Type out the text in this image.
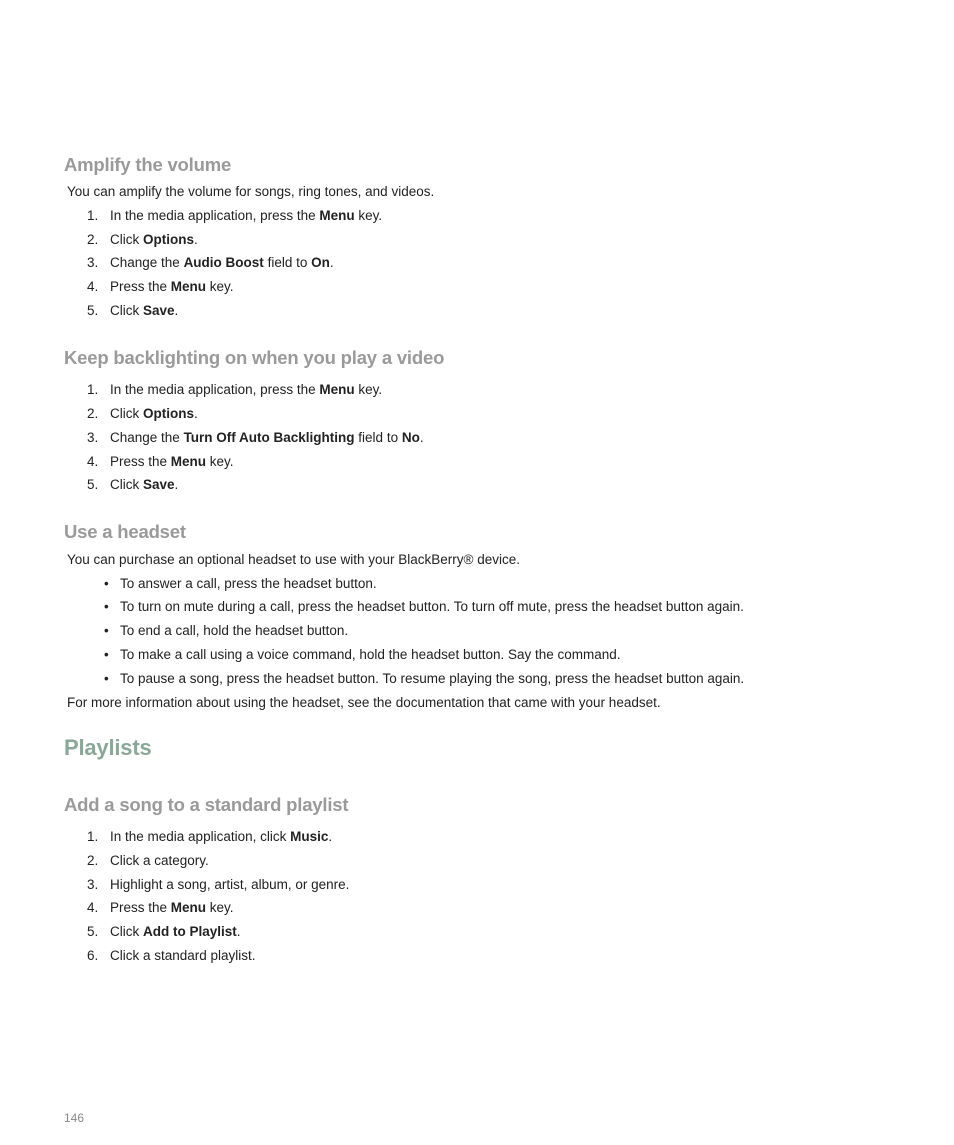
Amplify the volume
You can amplify the volume for songs, ring tones, and videos.
1. In the media application, press the Menu key.
2. Click Options.
3. Change the Audio Boost field to On.
4. Press the Menu key.
5. Click Save.
Keep backlighting on when you play a video
1. In the media application, press the Menu key.
2. Click Options.
3. Change the Turn Off Auto Backlighting field to No.
4. Press the Menu key.
5. Click Save.
Use a headset
You can purchase an optional headset to use with your BlackBerry® device.
• To answer a call, press the headset button.
• To turn on mute during a call, press the headset button. To turn off mute, press the headset button again.
• To end a call, hold the headset button.
• To make a call using a voice command, hold the headset button. Say the command.
• To pause a song, press the headset button. To resume playing the song, press the headset button again.
For more information about using the headset, see the documentation that came with your headset.
Playlists
Add a song to a standard playlist
1. In the media application, click Music.
2. Click a category.
3. Highlight a song, artist, album, or genre.
4. Press the Menu key.
5. Click Add to Playlist.
6. Click a standard playlist.
146
